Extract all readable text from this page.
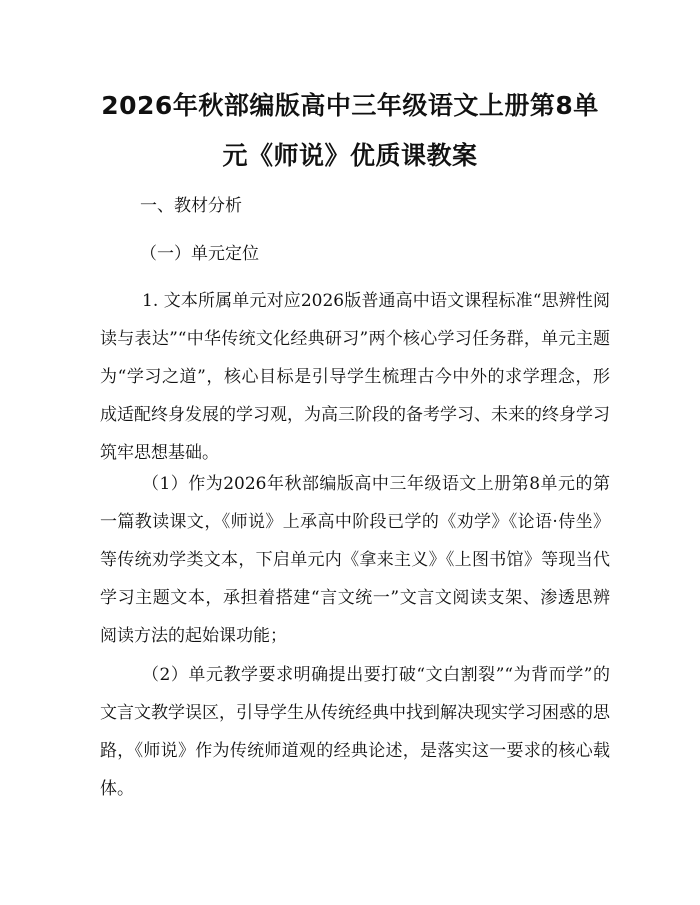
2026年秋部编版高中三年级语文上册第8单
元《师说》优质课教案

一、教材分析

（一）单元定位

1. 文本所属单元对应2026版普通高中语文课程标准“思辨性阅读与表达”“中华传统文化经典研习”两个核心学习任务群，单元主题为“学习之道”，核心目标是引导学生梳理古今中外的求学理念，形成适配终身发展的学习观，为高三阶段的备考学习、未来的终身学习筑牢思想基础。

（1）作为2026年秋部编版高中三年级语文上册第8单元的第一篇教读课文，《师说》上承高中阶段已学的《劝学》《论语·侍坐》等传统劝学类文本，下启单元内《拿来主义》《上图书馆》等现当代学习主题文本，承担着搭建“言文统一”文言文阅读支架、渗透思辨阅读方法的起始课功能；

（2）单元教学要求明确提出要打破“文白割裂”“为背而学”的文言文教学误区，引导学生从传统经典中找到解决现实学习困惑的思路，《师说》作为传统师道观的经典论述，是落实这一要求的核心载体。
